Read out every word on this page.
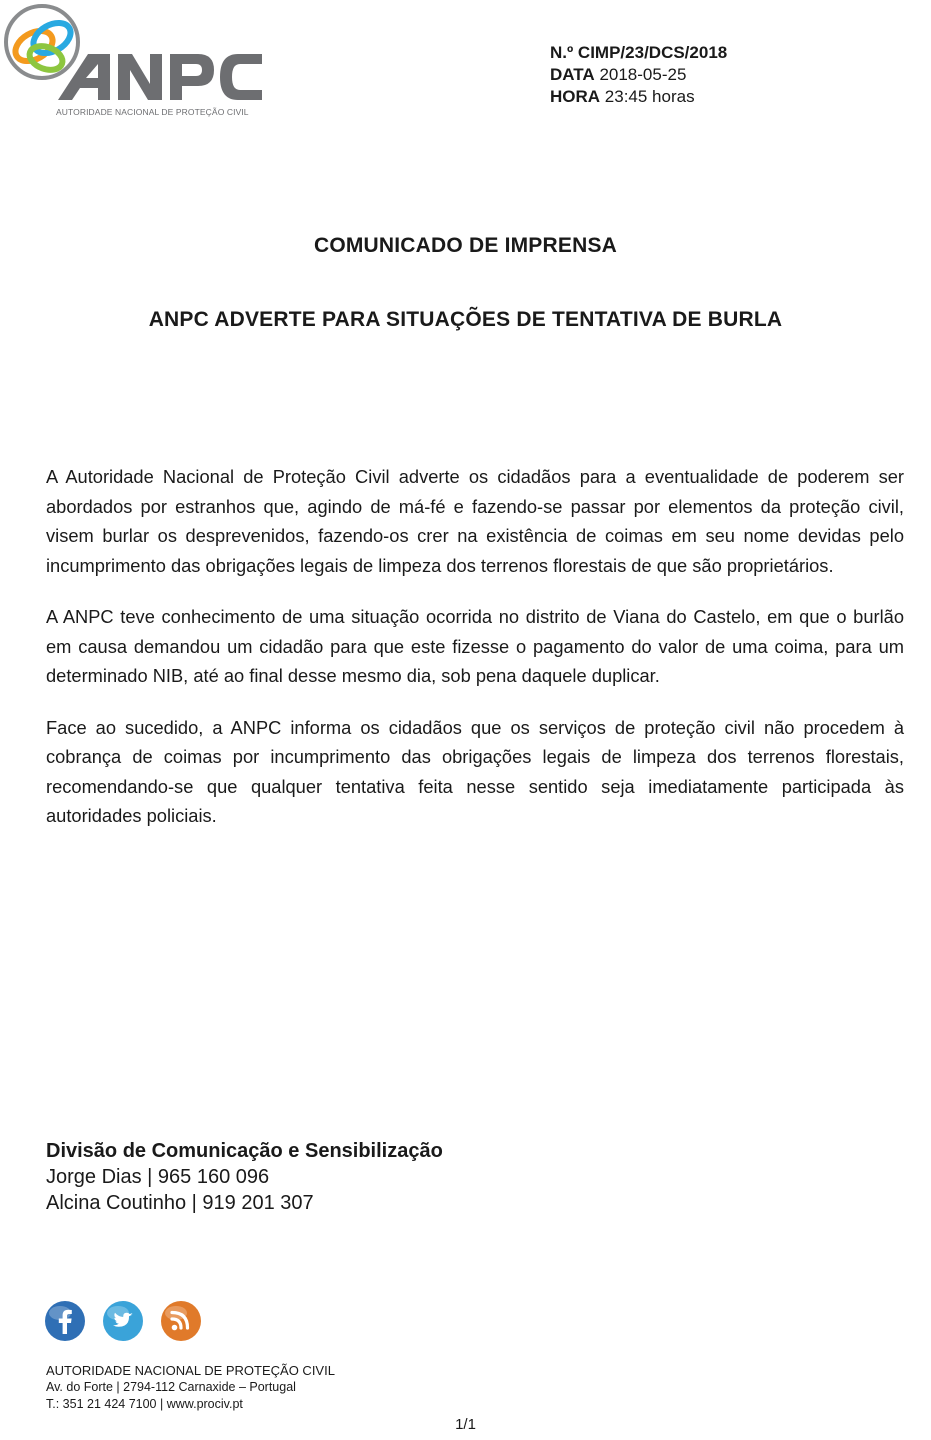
AUTORIDADE NACIONAL DE PROTEÇÃO CIVIL
N.º CIMP/23/DCS/2018
DATA 2018-05-25
HORA 23:45 horas
COMUNICADO DE IMPRENSA
ANPC ADVERTE PARA SITUAÇÕES DE TENTATIVA DE BURLA

A Autoridade Nacional de Proteção Civil adverte os cidadãos para a eventualidade de poderem ser abordados por estranhos que, agindo de má-fé e fazendo-se passar por elementos da proteção civil, visem burlar os desprevenidos, fazendo-os crer na existência de coimas em seu nome devidas pelo incumprimento das obrigações legais de limpeza dos terrenos florestais de que são proprietários.

A ANPC teve conhecimento de uma situação ocorrida no distrito de Viana do Castelo, em que o burlão em causa demandou um cidadão para que este fizesse o pagamento do valor de uma coima, para um determinado NIB, até ao final desse mesmo dia, sob pena daquele duplicar.

Face ao sucedido, a ANPC informa os cidadãos que os serviços de proteção civil não procedem à cobrança de coimas por incumprimento das obrigações legais de limpeza dos terrenos florestais, recomendando-se que qualquer tentativa feita nesse sentido seja imediatamente participada às autoridades policiais.

Divisão de Comunicação e Sensibilização
Jorge Dias | 965 160 096
Alcina Coutinho | 919 201 307
AUTORIDADE NACIONAL DE PROTEÇÃO CIVIL
Av. do Forte | 2794-112 Carnaxide – Portugal
T.: 351 21 424 7100 | www.prociv.pt
1/1
